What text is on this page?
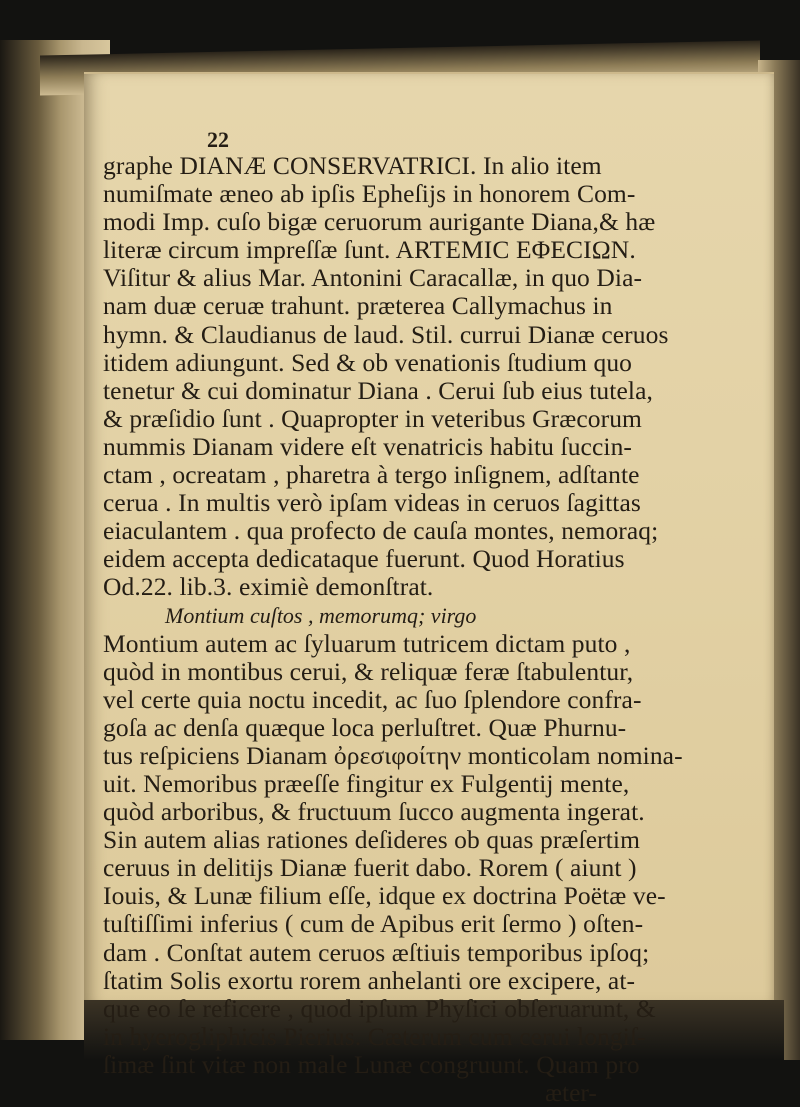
22
graphe DIANÆ CONSERVATRICI. In alio item
numiſmate æneo ab ipſis Epheſijs in honorem Com-
modi Imp. cuſo bigæ ceruorum aurigante Diana,& hæ
literæ circum impreſſæ ſunt. ARTEMIC EΦECIΩN.
Viſitur & alius Mar. Antonini Caracallæ, in quo Dia-
nam duæ ceruæ trahunt. præterea Callymachus in
hymn. & Claudianus de laud. Stil. currui Dianæ ceruos
itidem adiungunt. Sed & ob venationis ſtudium quo
tenetur & cui dominatur Diana . Cerui ſub eius tutela,
& præſidio ſunt . Quapropter in veteribus Græcorum
nummis Dianam videre eſt venatricis habitu ſuccin-
ctam , ocreatam , pharetra à tergo inſignem, adſtante
cerua . In multis verò ipſam videas in ceruos ſagittas
eiaculantem . qua profecto de cauſa montes, nemoraq;
eidem accepta dedicataque fuerunt. Quod Horatius
Od.22. lib.3. eximiè demonſtrat.
Montium cuſtos , memorumq; virgo
Montium autem ac ſyluarum tutricem dictam puto ,
quòd in montibus cerui, & reliquæ feræ ſtabulentur,
vel certe quia noctu incedit, ac ſuo ſplendore confra-
goſa ac denſa quæque loca perluſtret. Quæ Phurnu-
tus reſpiciens Dianam ὀρεσιφοίτην monticolam nomina-
uit. Nemoribus præeſſe fingitur ex Fulgentij mente,
quòd arboribus, & fructuum ſucco augmenta ingerat.
Sin autem alias rationes deſideres ob quas præſertim
ceruus in delitijs Dianæ fuerit dabo. Rorem ( aiunt )
Iouis, & Lunæ filium eſſe, idque ex doctrina Poëtæ ve-
tuſtiſſimi inferius ( cum de Apibus erit ſermo ) oſten-
dam . Conſtat autem ceruos æſtiuis temporibus ipſoq;
ſtatim Solis exortu rorem anhelanti ore excipere, at-
que eo ſe reficere , quod ipſum Phyſici obſeruarunt, &
in hyerogliphicis Pierius. Cæterum cum cerui longiſ-
ſimæ ſint vitæ non male Lunæ congruunt. Quam pro
æter-
